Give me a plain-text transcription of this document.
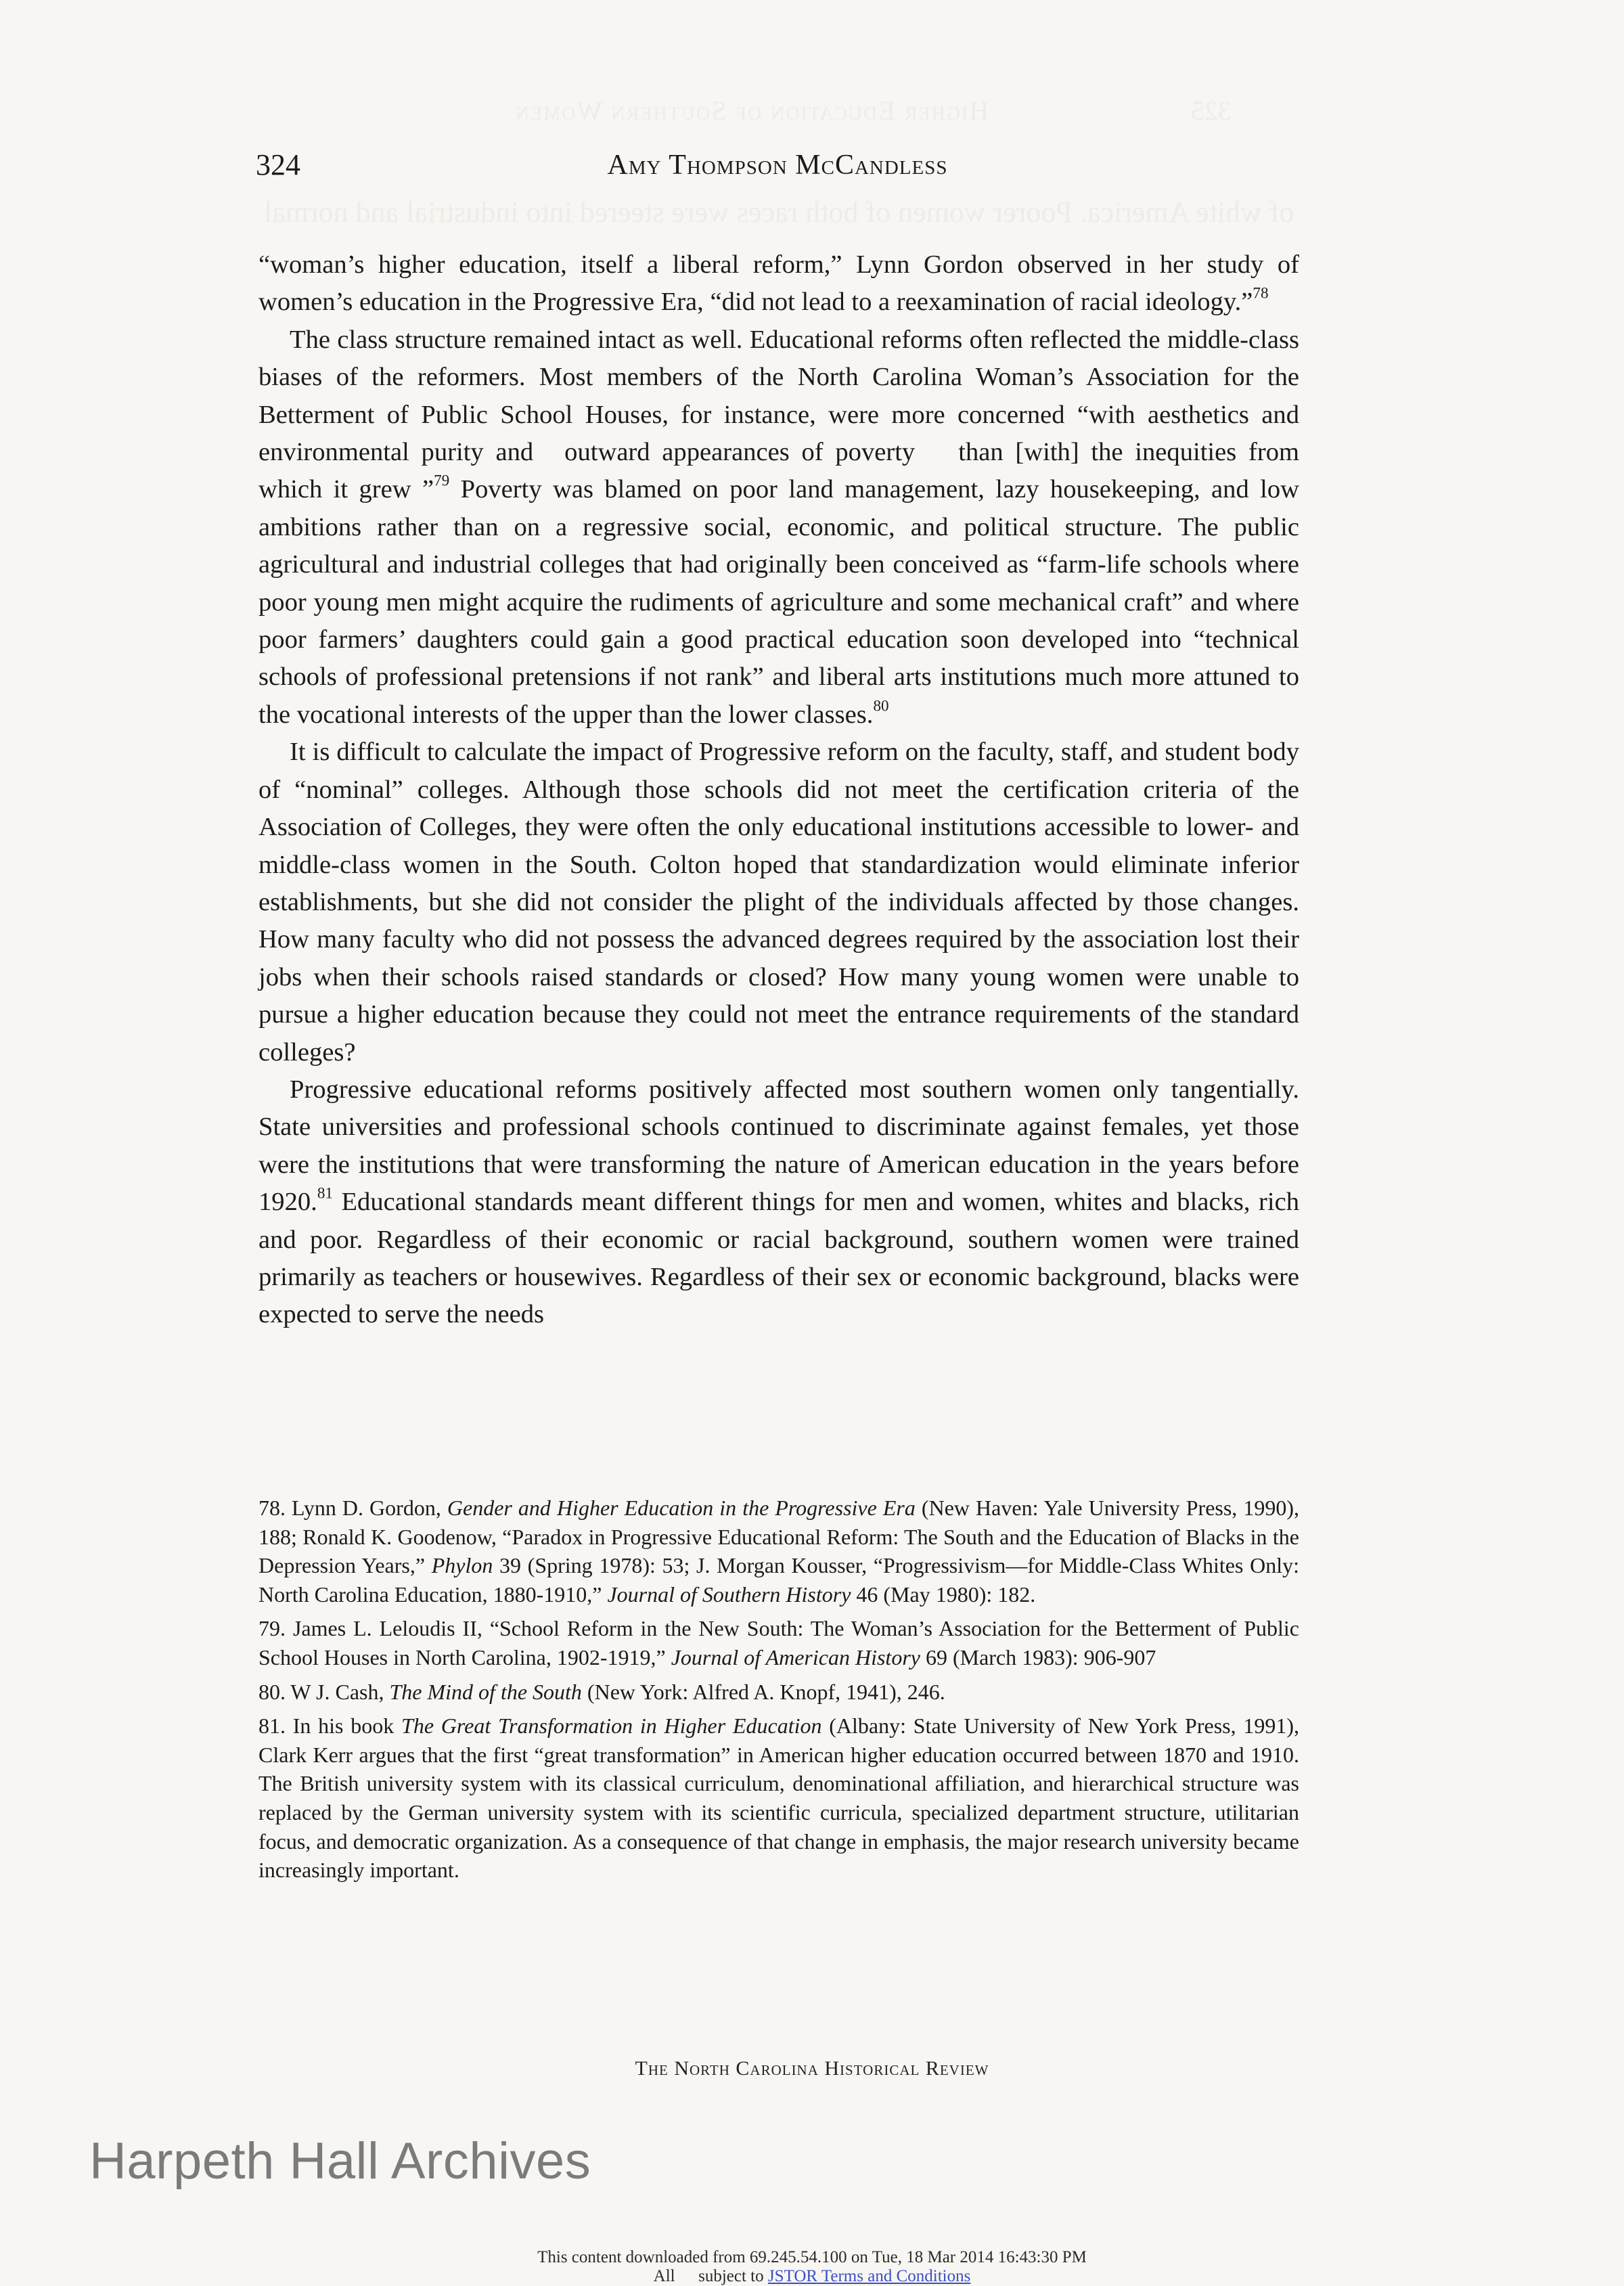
Higher Education of Southern Women	325
of white America. Poorer women of both races were steered into industrial and normal
324	Amy Thompson McCandless

“woman’s higher education, itself a liberal reform,” Lynn Gordon observed in her study of women’s education in the Progressive Era, “did not lead to a reexamination of racial ideology.”$^{78}$

The class structure remained intact as well. Educational reforms often reflected the middle-class biases of the reformers. Most members of the North Carolina Woman’s Association for the Betterment of Public School Houses, for instance, were more concerned “with aesthetics and environmental purity and outward appearances of poverty than [with] the inequities from which it grew ”$^{79}$ Poverty was blamed on poor land management, lazy housekeeping, and low ambitions rather than on a regressive social, economic, and political structure. The public agricultural and industrial colleges that had originally been conceived as “farm-life schools where poor young men might acquire the rudiments of agriculture and some mechanical craft” and where poor farmers’ daughters could gain a good practical education soon developed into “technical schools of professional pretensions if not rank” and liberal arts institutions much more attuned to the vocational interests of the upper than the lower classes.$^{80}$

It is difficult to calculate the impact of Progressive reform on the faculty, staff, and student body of “nominal” colleges. Although those schools did not meet the certification criteria of the Association of Colleges, they were often the only educational institutions accessible to lower- and middle-class women in the South. Colton hoped that standardization would eliminate inferior establishments, but she did not consider the plight of the individuals affected by those changes. How many faculty who did not possess the advanced degrees required by the association lost their jobs when their schools raised standards or closed? How many young women were unable to pursue a higher education because they could not meet the entrance requirements of the standard colleges?

Progressive educational reforms positively affected most southern women only tangentially. State universities and professional schools continued to discriminate against females, yet those were the institutions that were transforming the nature of American education in the years before 1920.81 Educational standards meant different things for men and women, whites and blacks, rich and poor. Regardless of their economic or racial background, southern women were trained primarily as teachers or housewives. Regardless of their sex or economic background, blacks were expected to serve the needs

78. Lynn D. Gordon, Gender and Higher Education in the Progressive Era (New Haven: Yale University Press, 1990), 188; Ronald K. Goodenow, “Paradox in Progressive Educational Reform: The South and the Education of Blacks in the Depression Years,” Phylon 39 (Spring 1978): 53; J. Morgan Kousser, “Progressivism—for Middle-Class Whites Only: North Carolina Education, 1880-1910,” Journal of Southern History 46 (May 1980): 182.

79. James L. Leloudis II, “School Reform in the New South: The Woman’s Association for the Betterment of Public School Houses in North Carolina, 1902-1919,” Journal of American History 69 (March 1983): 906-907

80. W J. Cash, The Mind of the South (New York: Alfred A. Knopf, 1941), 246.

81. In his book The Great Transformation in Higher Education (Albany: State University of New York Press, 1991), Clark Kerr argues that the first “great transformation” in American higher education occurred between 1870 and 1910. The British university system with its classical curriculum, denominational affiliation, and hierarchical structure was replaced by the German university system with its scientific curricula, specialized department structure, utilitarian focus, and democratic organization. As a consequence of that change in emphasis, the major research university became increasingly important.

The North Carolina Historical Review
Harpeth Hall Archives
This content downloaded from 69.245.54.100 on Tue, 18 Mar 2014 16:43:30 PM
All subject to JSTOR Terms and Conditions
